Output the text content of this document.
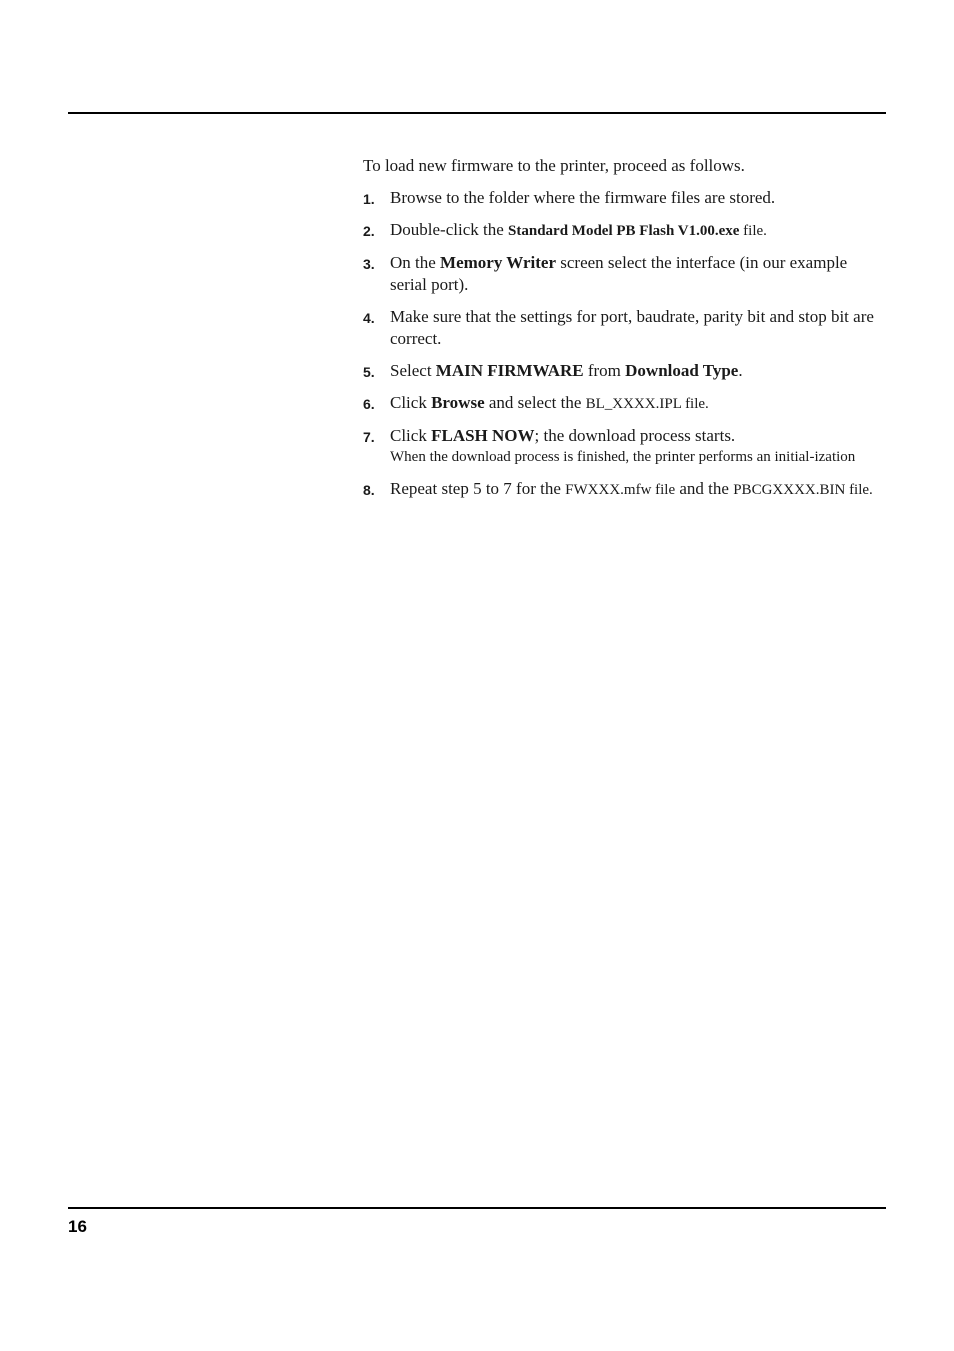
To load new firmware to the printer, proceed as follows.

1. Browse to the folder where the firmware files are stored.
2. Double-click the Standard Model PB Flash V1.00.exe file.
3. On the Memory Writer screen select the interface (in our example serial port).
4. Make sure that the settings for port, baudrate, parity bit and stop bit are correct.
5. Select MAIN FIRMWARE from Download Type.
6. Click Browse and select the BL_XXXX.IPL file.
7. Click FLASH NOW; the download process starts.
When the download process is finished, the printer performs an initial-ization
8. Repeat step 5 to 7 for the FWXXX.mfw file and the PBCGXXXX.BIN file.
16
